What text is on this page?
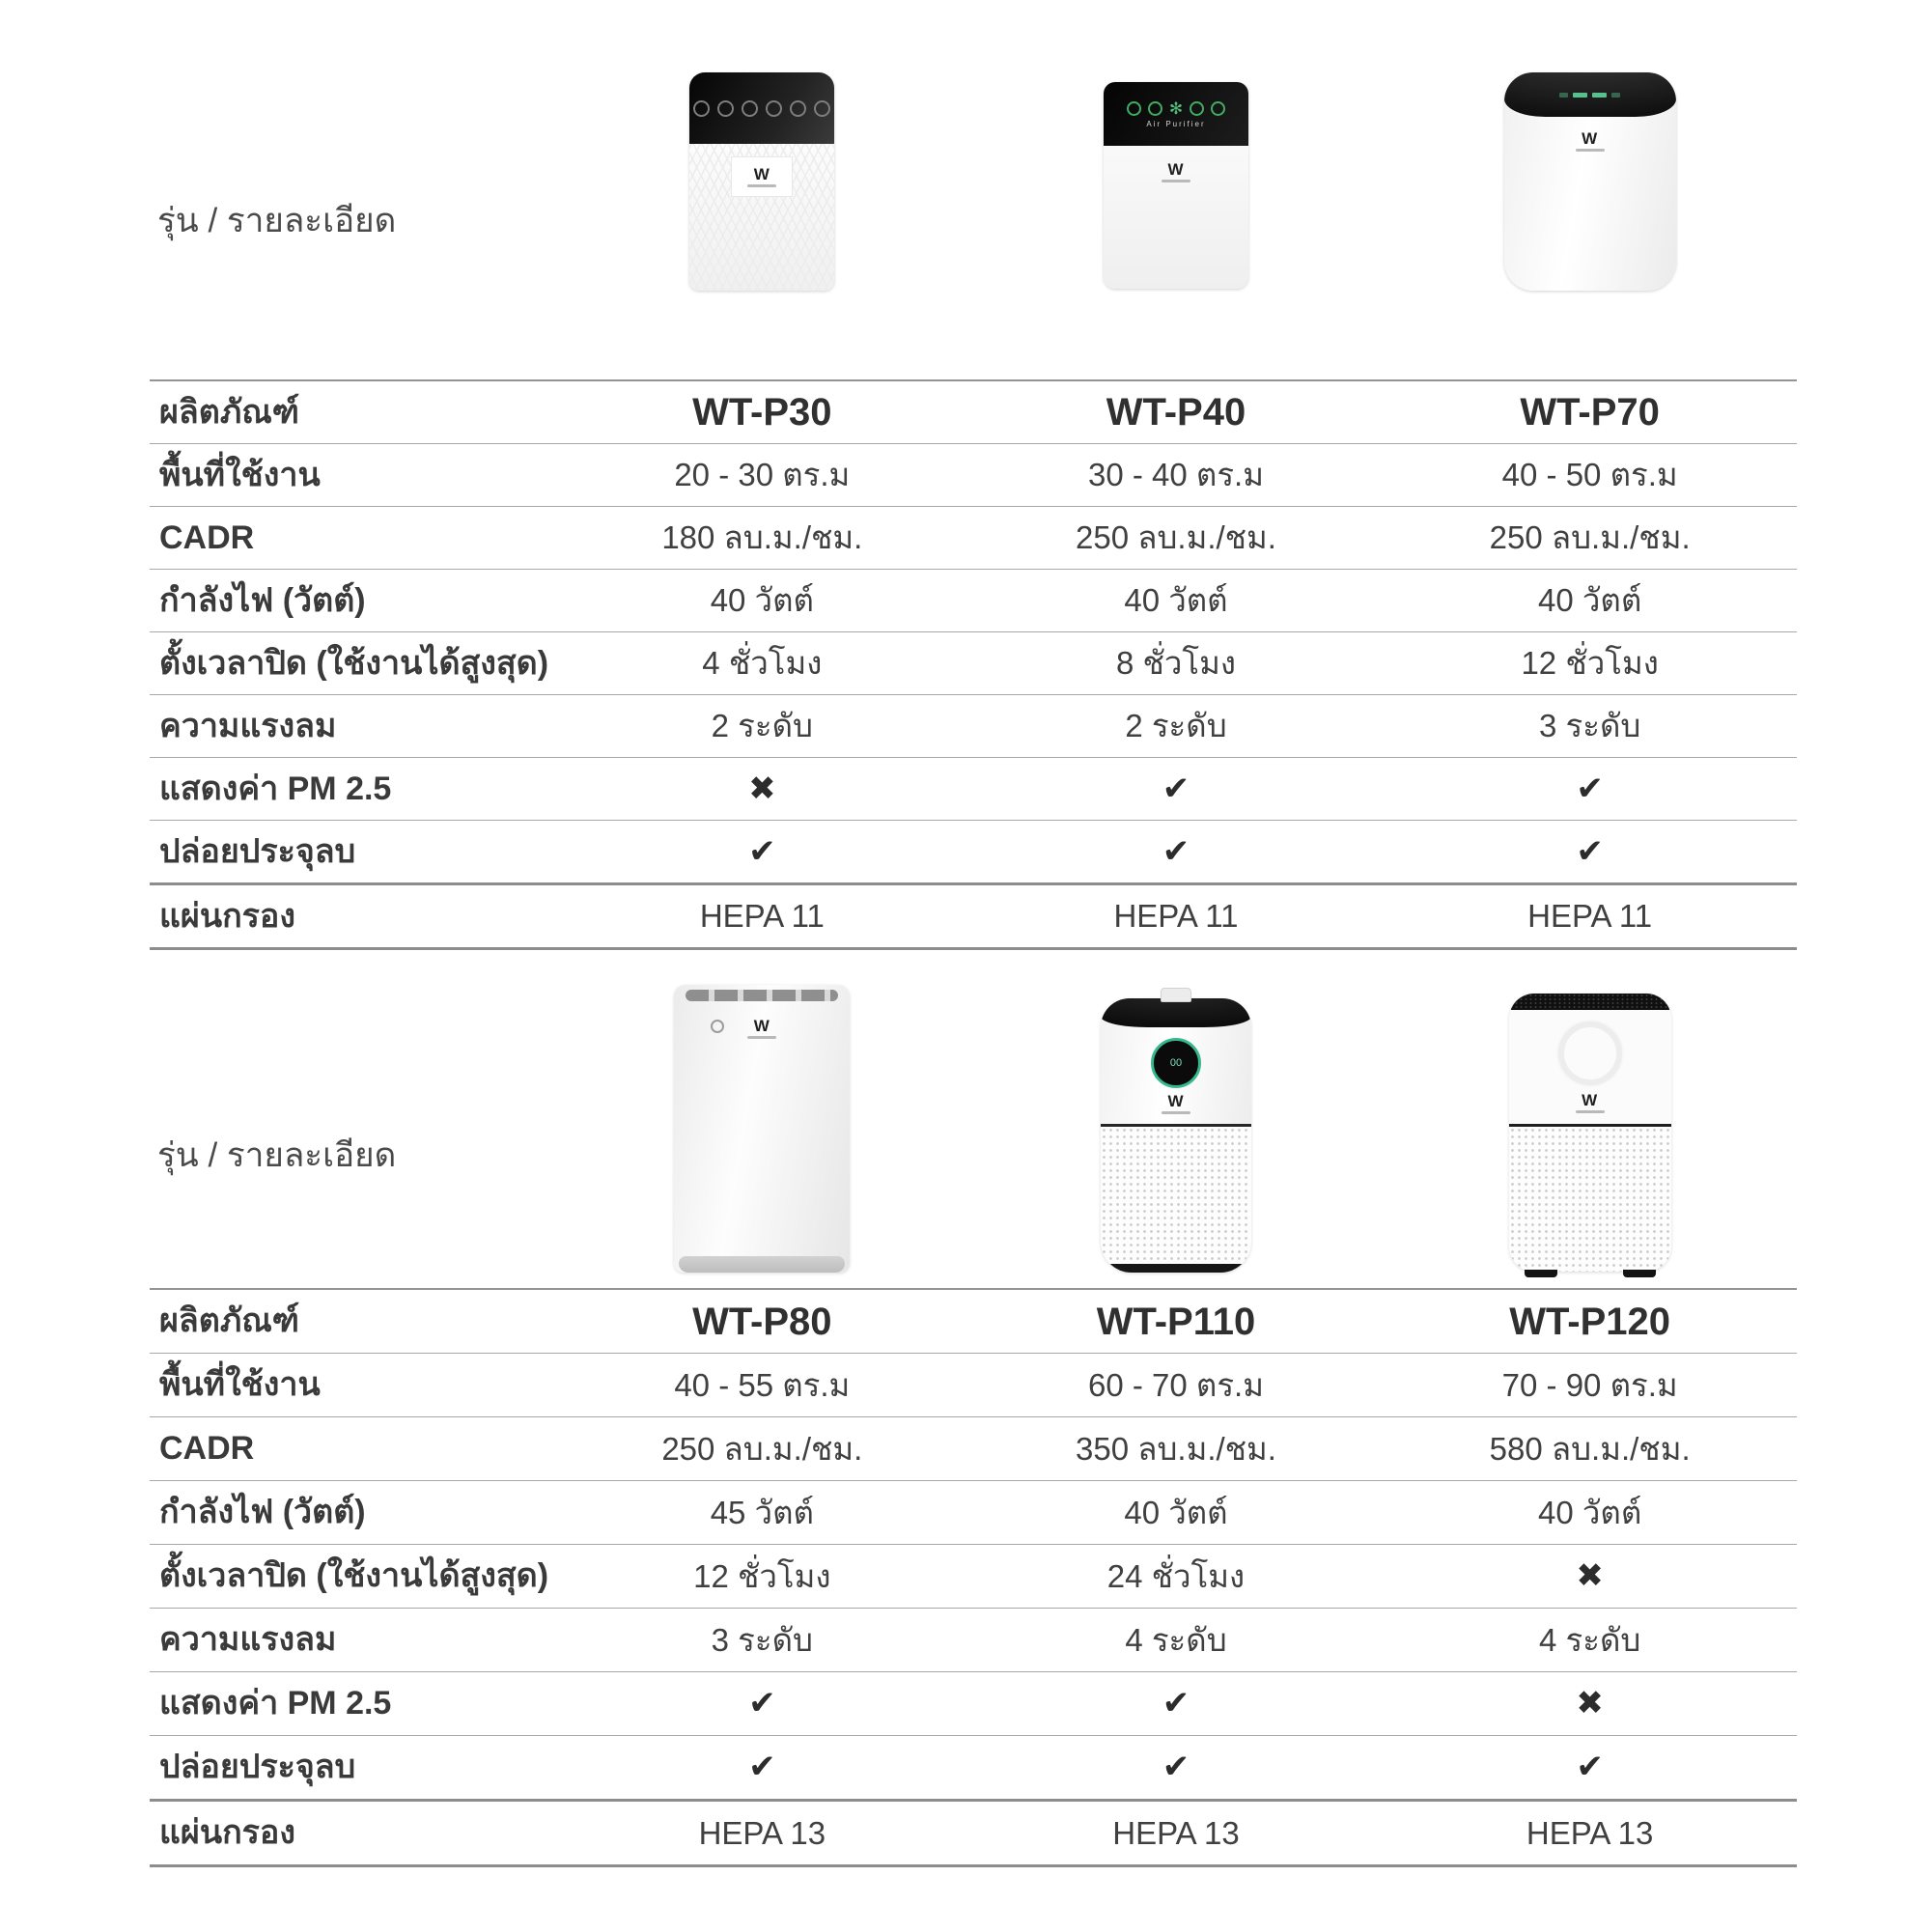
รุ่น / รายละเอียด
W
✻
Air Purifier
W
W
ผลิตภัณฑ์	WT-P30	WT-P40	WT-P70
พื้นที่ใช้งาน	20 - 30 ตร.ม	30 - 40 ตร.ม	40 - 50 ตร.ม
CADR	180 ลบ.ม./ชม.	250 ลบ.ม./ชม.	250 ลบ.ม./ชม.
กำลังไฟ (วัตต์)	40 วัตต์	40 วัตต์	40 วัตต์
ตั้งเวลาปิด (ใช้งานได้สูงสุด)	4 ชั่วโมง	8 ชั่วโมง	12 ชั่วโมง
ความแรงลม	2 ระดับ	2 ระดับ	3 ระดับ
แสดงค่า PM 2.5	✖	✔	✔
ปล่อยประจุลบ	✔	✔	✔
แผ่นกรอง	HEPA 11	HEPA 11	HEPA 11
รุ่น / รายละเอียด
W
00
W	W
ผลิตภัณฑ์	WT-P80	WT-P110	WT-P120
พื้นที่ใช้งาน	40 - 55 ตร.ม	60 - 70 ตร.ม	70 - 90 ตร.ม
CADR	250 ลบ.ม./ชม.	350 ลบ.ม./ชม.	580 ลบ.ม./ชม.
กำลังไฟ (วัตต์)	45 วัตต์	40 วัตต์	40 วัตต์
ตั้งเวลาปิด (ใช้งานได้สูงสุด)	12 ชั่วโมง	24 ชั่วโมง	✖
ความแรงลม	3 ระดับ	4 ระดับ	4 ระดับ
แสดงค่า PM 2.5	✔	✔	✖
ปล่อยประจุลบ	✔	✔	✔
แผ่นกรอง	HEPA 13	HEPA 13	HEPA 13
